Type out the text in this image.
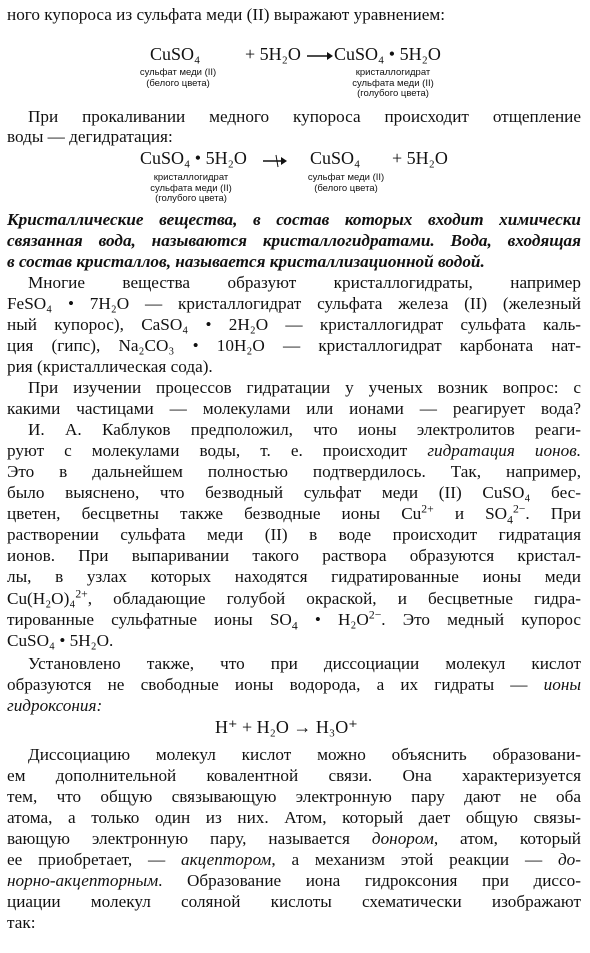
ного купороса из сульфата меди (II) выражают уравнением:
CuSO₄
сульфат меди (II)
(белого цвета)
+ 5H₂O → CuSO₄ • 5H₂O
кристаллогидрат
сульфата меди (II)
(голубого цвета)
При прокаливании медного купороса происходит отщепление
воды — дегидратация:
CuSO₄ • 5H₂O →
кристаллогидрат
сульфата меди (II)
(голубого цвета)
CuSO₄
сульфат меди (II)
(белого цвета)
+ 5H₂O
Кристаллические вещества, в состав которых входит химически
связанная вода, называются кристаллогидратами. Вода, входящая
в состав кристаллов, называется кристаллизационной водой.
Многие вещества образуют кристаллогидраты, например
FeSO₄ • 7H₂O — кристаллогидрат сульфата железа (II) (железный
ный купорос), CaSO₄ • 2H₂O — кристаллогидрат сульфата каль-
ция (гипс), Na₂CO₃ • 10H₂O — кристаллогидрат карбоната нат-
рия (кристаллическая сода).
При изучении процессов гидратации у ученых возник вопрос: с
какими частицами — молекулами или ионами — реагирует вода?
И. А. Каблуков предположил, что ионы электролитов реаги-
руют с молекулами воды, т. е. происходит гидратация ионов.
Это в дальнейшем полностью подтвердилось. Так, например,
было выяснено, что безводный сульфат меди (II) CuSO₄ бес-
цветен, бесцветны также безводные ионы $Cu^{2+}$ и $SO_4^{2-}$. При
растворении сульфата меди (II) в воде происходит гидратация
ионов. При выпаривании такого раствора образуются кристал-
лы, в узлах которых находятся гидратированные ионы меди
Cu(H₂O)₄$^{2+}$, обладающие голубой окраской, и бесцветные гидра-
тированные сульфатные ионы $SO_4$ • $H_2O^{2-}$. Это медный купорос
CuSO₄ • 5H₂O.
Установлено также, что при диссоциации молекул кислот
образуются не свободные ионы водорода, а их гидраты — ионы
гидроксония:
H⁺ + H₂O → H₃O⁺
Диссоциацию молекул кислот можно объяснить образовани-
ем дополнительной ковалентной связи. Она характеризуется
тем, что общую связывающую электронную пару дают не оба
атома, а только один из них. Атом, который дает общую связы-
вающую электронную пару, называется донором, атом, который
ее приобретает, — акцептором, а механизм этой реакции — до-
норно-акцепторным. Образование иона гидроксония при диссо-
циации молекул соляной кислоты схематически изображают
так:
